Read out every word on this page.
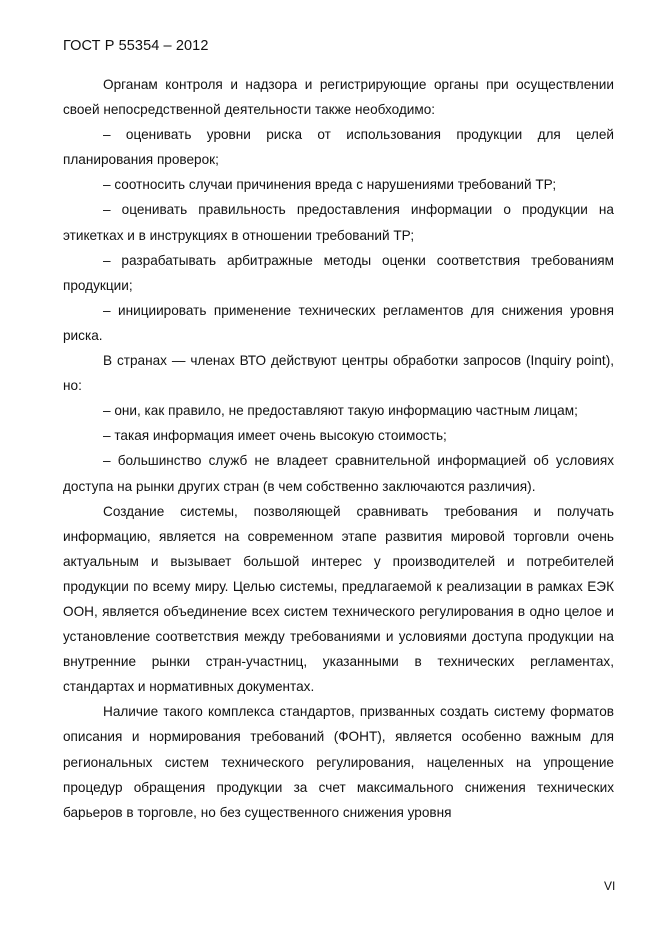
ГОСТ Р 55354 – 2012

Органам контроля и надзора и регистрирующие органы при осуществлении своей непосредственной деятельности также необходимо:

– оценивать уровни риска от использования продукции для целей планирования проверок;

– соотносить случаи причинения вреда с нарушениями требований ТР;

– оценивать правильность предоставления информации о продукции на этикетках и в инструкциях в отношении требований ТР;

– разрабатывать арбитражные методы оценки соответствия требованиям продукции;

– инициировать применение технических регламентов для снижения уровня риска.

В странах — членах ВТО действуют центры обработки запросов (Inquiry point), но:

– они, как правило, не предоставляют такую информацию частным лицам;

– такая информация имеет очень высокую стоимость;

– большинство служб не владеет сравнительной информацией об условиях доступа на рынки других стран (в чем собственно заключаются различия).

Создание системы, позволяющей сравнивать требования и получать информацию, является на современном этапе развития мировой торговли очень актуальным и вызывает большой интерес у производителей и потребителей продукции по всему миру. Целью системы, предлагаемой к реализации в рамках ЕЭК ООН, является объединение всех систем технического регулирования в одно целое и установление соответствия между требованиями и условиями доступа продукции на внутренние рынки стран-участниц, указанными в технических регламентах, стандартах и нормативных документах.

Наличие такого комплекса стандартов, призванных создать систему форматов описания и нормирования требований (ФОНТ), является особенно важным для региональных систем технического регулирования, нацеленных на упрощение процедур обращения продукции за счет максимального снижения технических барьеров в торговле, но без существенного снижения уровня

VI
